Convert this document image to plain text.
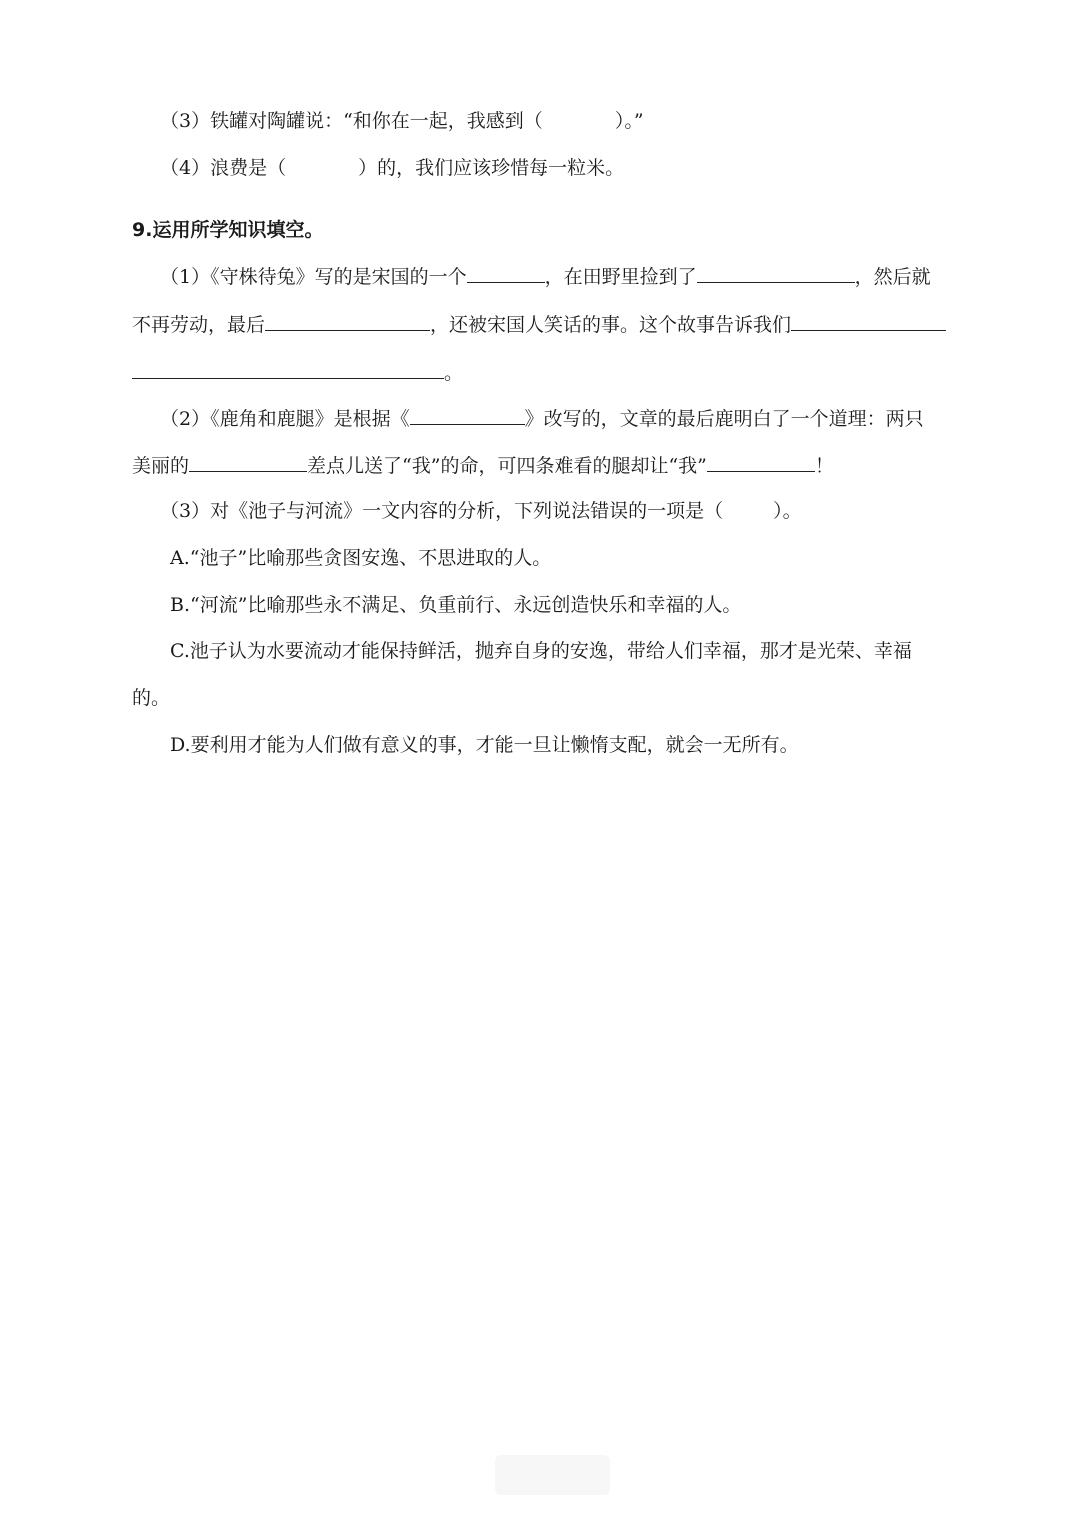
（3）铁罐对陶罐说：“和你在一起，我感到（	）。”
（4）浪费是（	）的，我们应该珍惜每一粒米。
9.运用所学知识填空。
（1）《守株待兔》写的是宋国的一个	，在田野里捡到了	，然后就
不再劳动，最后	，还被宋国人笑话的事。这个故事告诉我们
。
（2）《鹿角和鹿腿》是根据《	》改写的，文章的最后鹿明白了一个道理：两只
美丽的	差点儿送了“我”的命，可四条难看的腿却让“我”	！
（3）对《池子与河流》一文内容的分析，下列说法错误的一项是（	）。
A.“池子”比喻那些贪图安逸、不思进取的人。
B.“河流”比喻那些永不满足、负重前行、永远创造快乐和幸福的人。
C.池子认为水要流动才能保持鲜活，抛弃自身的安逸，带给人们幸福，那才是光荣、幸福
的。
D.要利用才能为人们做有意义的事，才能一旦让懒惰支配，就会一无所有。
